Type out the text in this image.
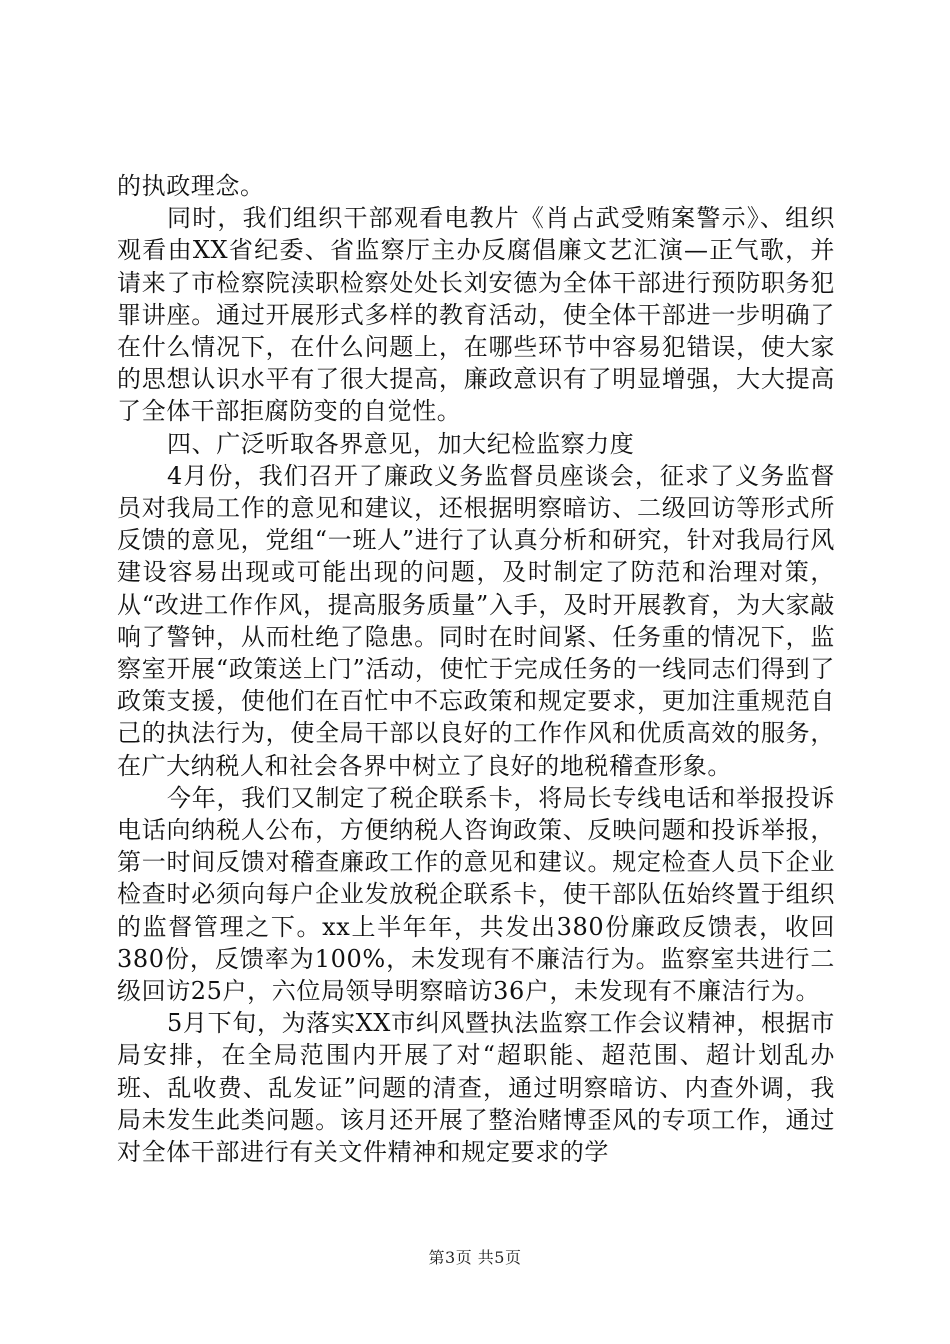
的执政理念。

同时，我们组织干部观看电教片《肖占武受贿案警示》、组织观看由XX省纪委、省监察厅主办反腐倡廉文艺汇演—正气歌，并请来了市检察院渎职检察处处长刘安德为全体干部进行预防职务犯罪讲座。通过开展形式多样的教育活动，使全体干部进一步明确了在什么情况下，在什么问题上，在哪些环节中容易犯错误，使大家的思想认识水平有了很大提高，廉政意识有了明显增强，大大提高了全体干部拒腐防变的自觉性。

四、广泛听取各界意见，加大纪检监察力度

4月份，我们召开了廉政义务监督员座谈会，征求了义务监督员对我局工作的意见和建议，还根据明察暗访、二级回访等形式所反馈的意见，党组“一班人”进行了认真分析和研究，针对我局行风建设容易出现或可能出现的问题，及时制定了防范和治理对策，从“改进工作作风，提高服务质量”入手，及时开展教育，为大家敲响了警钟，从而杜绝了隐患。同时在时间紧、任务重的情况下，监察室开展“政策送上门”活动，使忙于完成任务的一线同志们得到了政策支援，使他们在百忙中不忘政策和规定要求，更加注重规范自己的执法行为，使全局干部以良好的工作作风和优质高效的服务，在广大纳税人和社会各界中树立了良好的地税稽查形象。

今年，我们又制定了税企联系卡，将局长专线电话和举报投诉电话向纳税人公布，方便纳税人咨询政策、反映问题和投诉举报，第一时间反馈对稽查廉政工作的意见和建议。规定检查人员下企业检查时必须向每户企业发放税企联系卡，使干部队伍始终置于组织的监督管理之下。xx上半年年，共发出380份廉政反馈表，收回380份，反馈率为100%，未发现有不廉洁行为。监察室共进行二级回访25户，六位局领导明察暗访36户，未发现有不廉洁行为。

5月下旬，为落实XX市纠风暨执法监察工作会议精神，根据市局安排，在全局范围内开展了对“超职能、超范围、超计划乱办班、乱收费、乱发证”问题的清查，通过明察暗访、内查外调，我局未发生此类问题。该月还开展了整治赌博歪风的专项工作，通过对全体干部进行有关文件精神和规定要求的学

第3页 共5页
